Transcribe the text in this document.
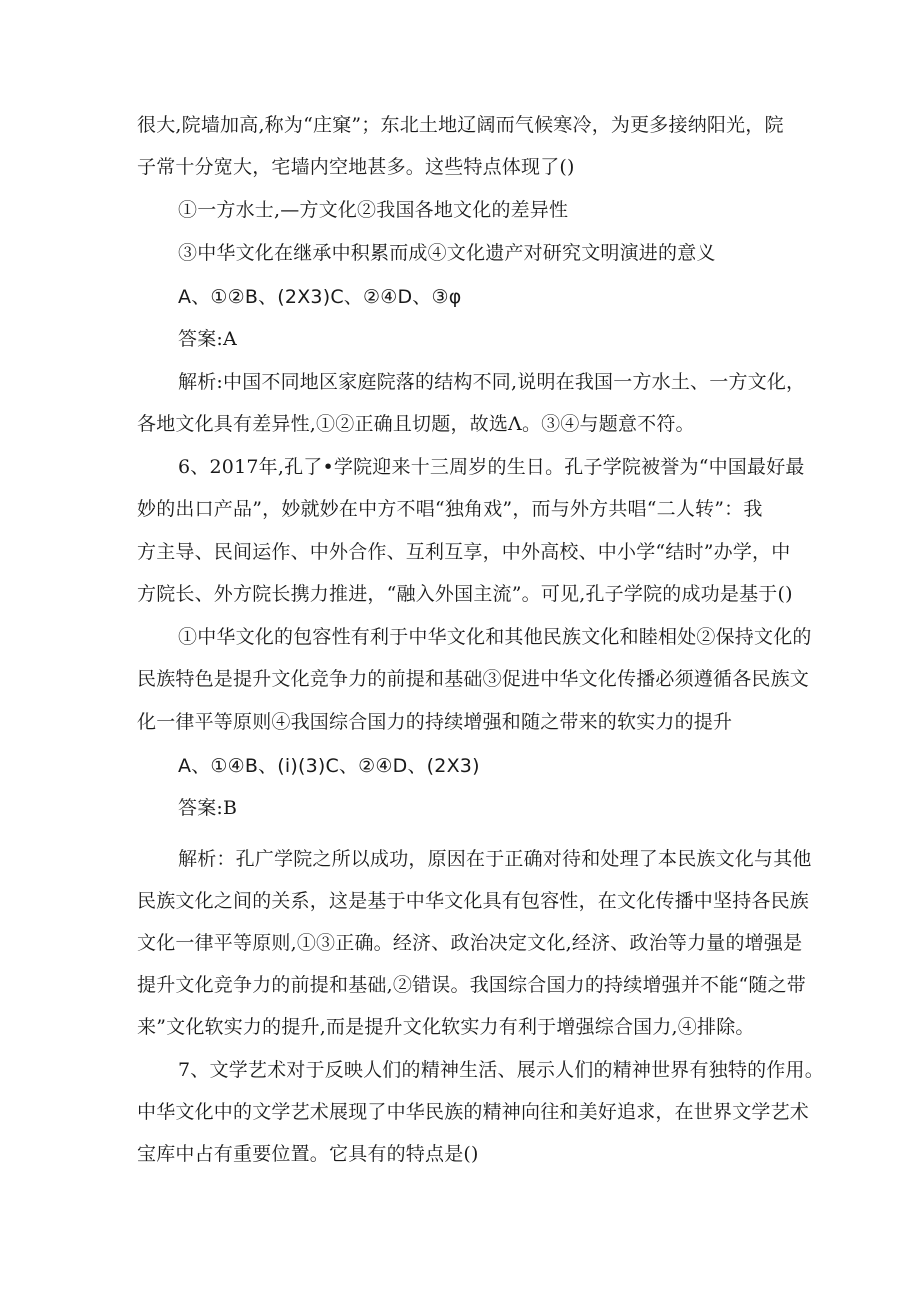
很大,院墙加高,称为“庄窠”；东北土地辽阔而气候寒冷，为更多接纳阳光，院
子常十分宽大，宅墙内空地甚多。这些特点体现了()
①一方水士,—方文化②我国各地文化的差异性
③中华文化在继承中积累而成④文化遗产对研究文明演进的意义
A、①②B、(2X3)C、②④D、③φ
答案:A
解析:中国不同地区家庭院落的结构不同,说明在我国一方水土、一方文化，
各地文化具有差异性,①②正确且切题，故选Λ。③④与题意不符。
6、2017年,孔了•学院迎来十三周岁的生日。孔子学院被誉为“中国最好最
妙的出口产品”，妙就妙在中方不唱“独角戏”，而与外方共唱“二人转”：我
方主导、民间运作、中外合作、互利互享，中外高校、中小学“结时”办学，中
方院长、外方院长携力推进，“融入外国主流”。可见,孔子学院的成功是基于()
①中华文化的包容性有利于中华文化和其他民族文化和睦相处②保持文化的
民族特色是提升文化竞争力的前提和基础③促进中华文化传播必须遵循各民族文
化一律平等原则④我国综合国力的持续增强和随之带来的软实力的提升
A、①④B、(i)(3)C、②④D、(2X3)
答案:B
解析：孔广学院之所以成功，原因在于正确对待和处理了本民族文化与其他
民族文化之间的关系，这是基于中华文化具有包容性，在文化传播中坚持各民族
文化一律平等原则,①③正确。经济、政治决定文化,经济、政治等力量的增强是
提升文化竞争力的前提和基础,②错误。我国综合国力的持续增强并不能“随之带
来”文化软实力的提升,而是提升文化软实力有利于增强综合国力,④排除。
7、文学艺术对于反映人们的精神生活、展示人们的精神世界有独特的作用。
中华文化中的文学艺术展现了中华民族的精神向往和美好追求，在世界文学艺术
宝库中占有重要位置。它具有的特点是()
